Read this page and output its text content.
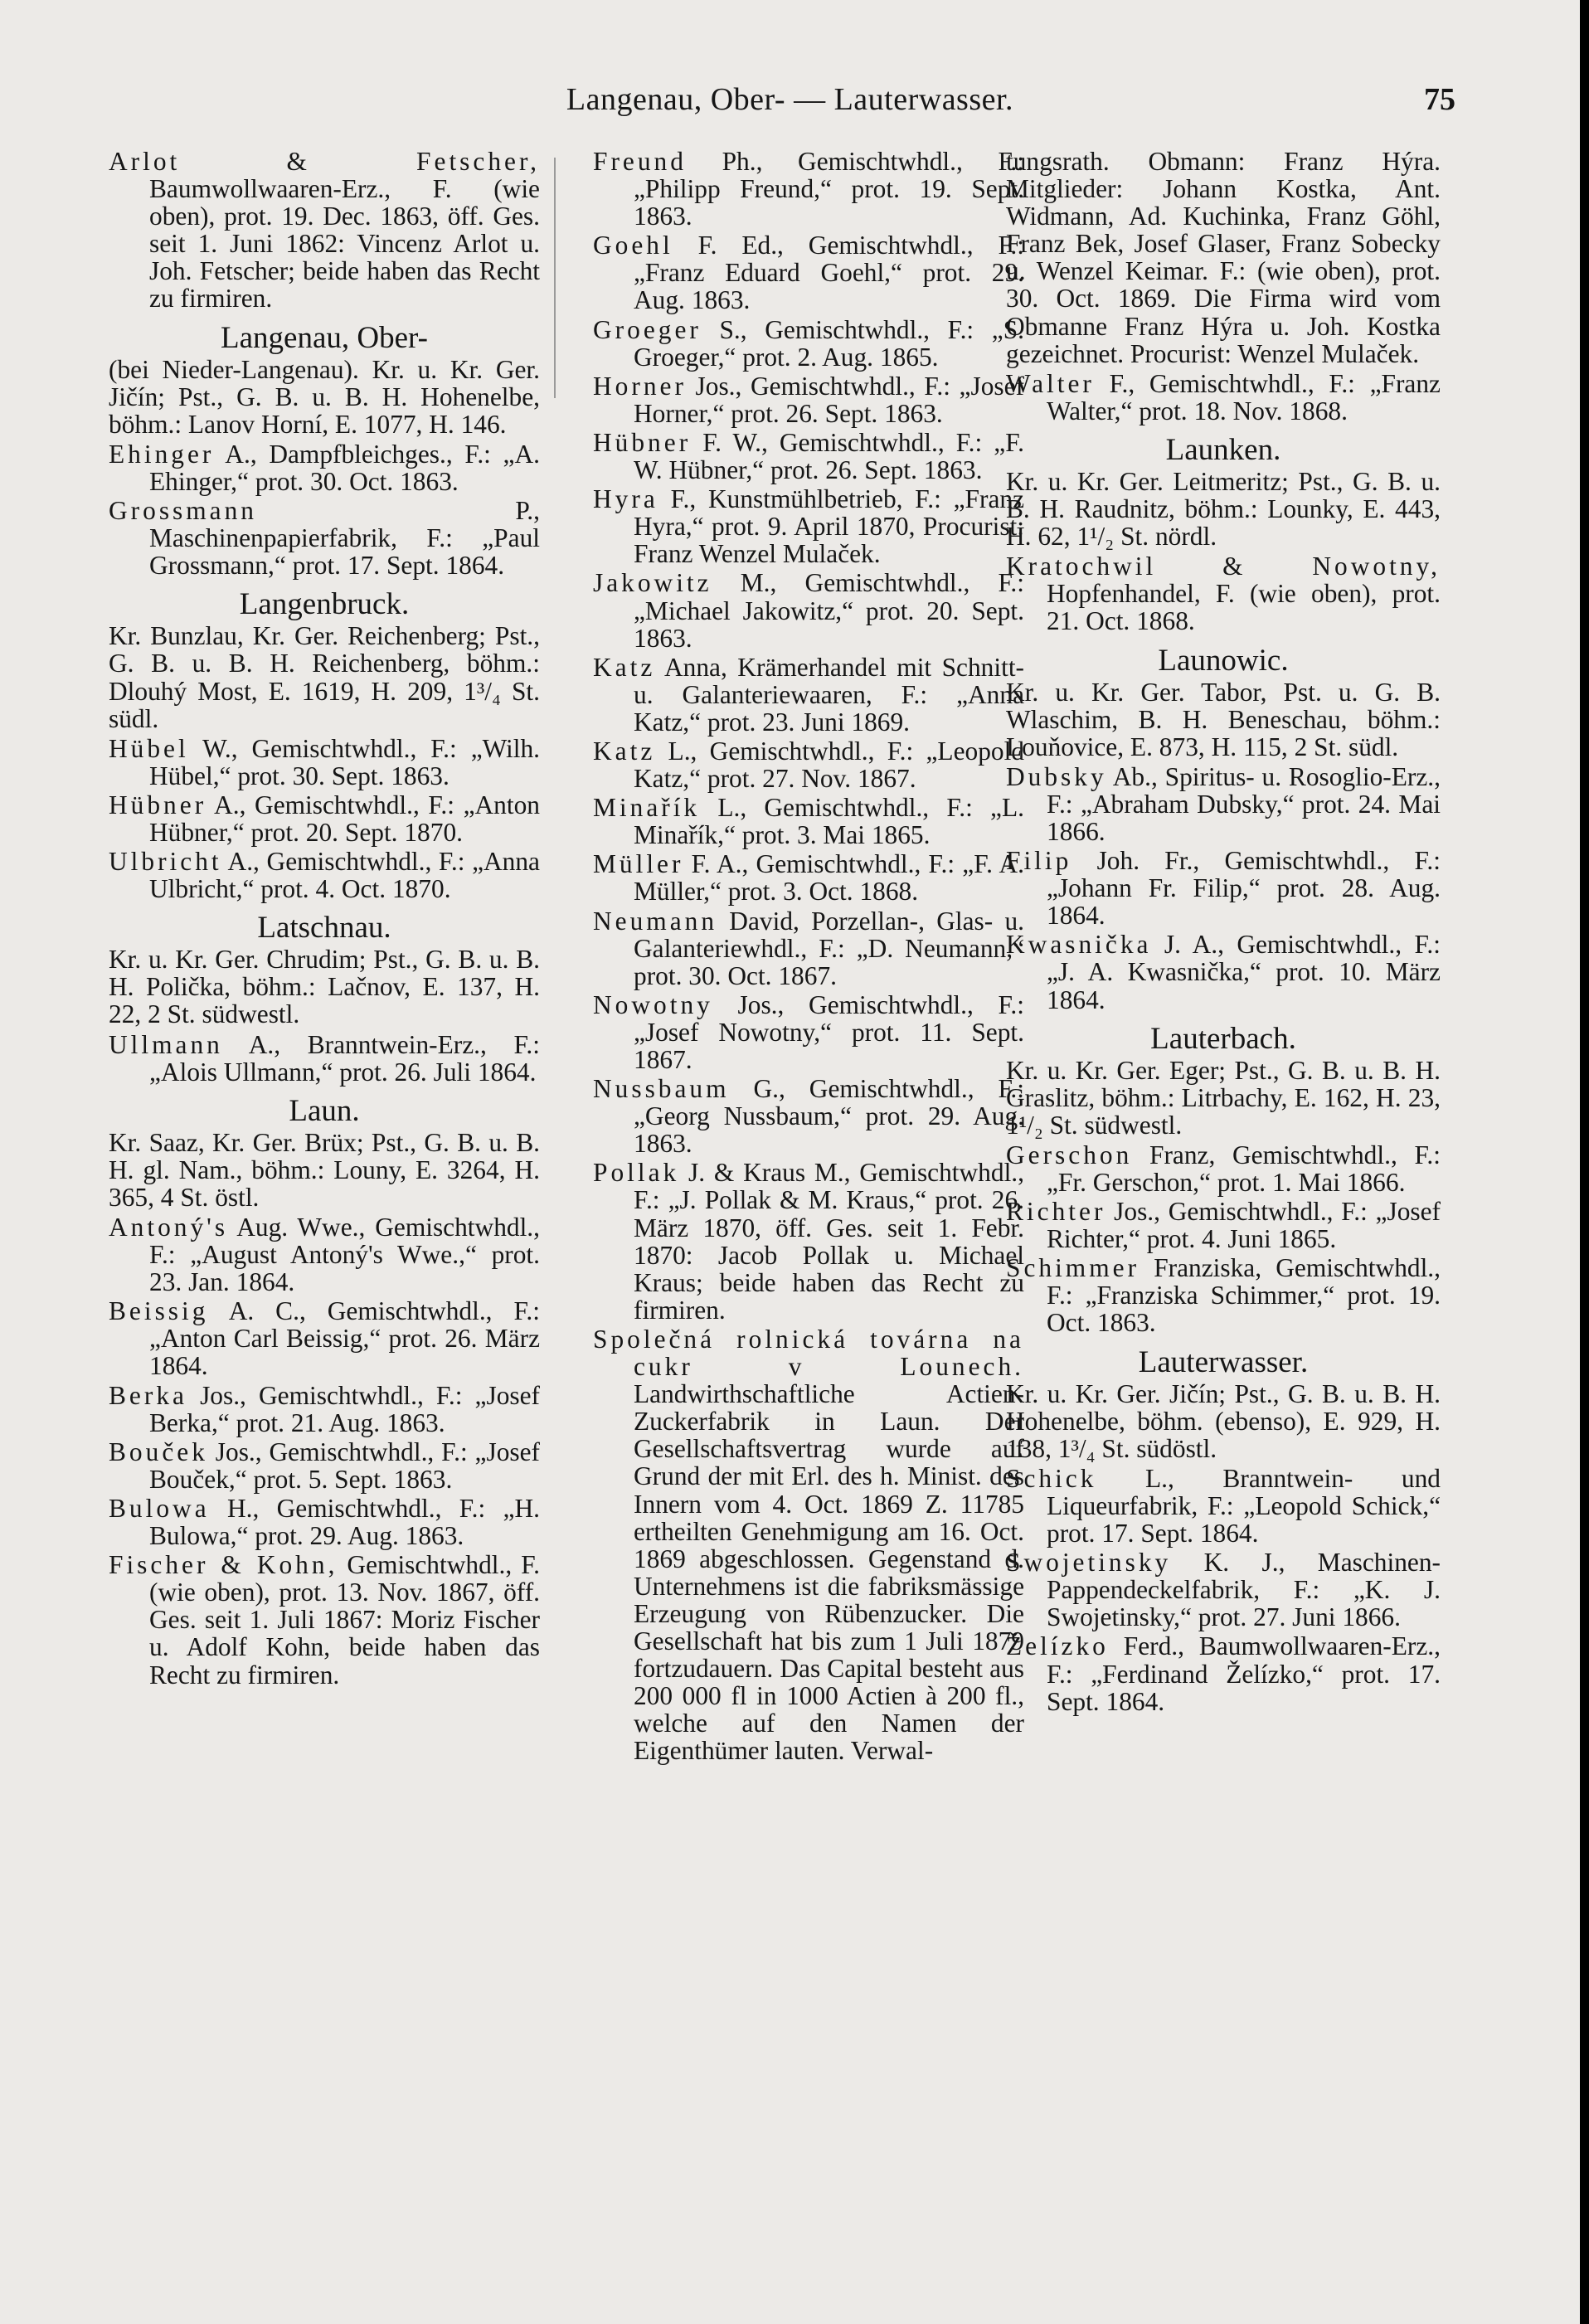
Langenau, Ober- — Lauterwasser.	75
Arlot & Fetscher, Baumwollwaaren-Erz., F. (wie oben), prot. 19. Dec. 1863, öff. Ges. seit 1. Juni 1862: Vincenz Arlot u. Joh. Fetscher; beide haben das Recht zu firmiren.
Langenau, Ober-
(bei Nieder-Langenau). Kr. u. Kr. Ger. Jičín; Pst., G. B. u. B. H. Hohenelbe, böhm.: Lanov Horní, E. 1077, H. 146.
Ehinger A., Dampfbleichges., F.: „A. Ehinger,“ prot. 30. Oct. 1863.
Grossmann	P., Maschinenpapierfabrik, F.: „Paul Grossmann,“ prot. 17. Sept. 1864.
Langenbruck.
Kr. Bunzlau, Kr. Ger. Reichenberg; Pst., G. B. u. B. H. Reichenberg, böhm.: Dlouhý Most, E. 1619, H. 209, 1³/₄ St. südl.
Hübel W., Gemischtwhdl., F.: „Wilh. Hübel,“ prot. 30. Sept. 1863.
Hübner A., Gemischtwhdl., F.: „Anton Hübner,“ prot. 20. Sept. 1870.
Ulbricht A., Gemischtwhdl., F.: „Anna Ulbricht,“ prot. 4. Oct. 1870.
Latschnau.
Kr. u. Kr. Ger. Chrudim; Pst., G. B. u. B. H. Polička, böhm.: Lačnov, E. 137, H. 22, 2 St. südwestl.
Ullmann A., Branntwein-Erz., F.: „Alois Ullmann,“ prot. 26. Juli 1864.
Laun.
Kr. Saaz, Kr. Ger. Brüx; Pst., G. B. u. B. H. gl. Nam., böhm.: Louny, E. 3264, H. 365, 4 St. östl.
Antoný's Aug. Wwe., Gemischtwhdl., F.: „August Antoný's Wwe.,“ prot. 23. Jan. 1864.
Beissig A. C., Gemischtwhdl., F.: „Anton Carl Beissig,“ prot. 26. März 1864.
Berka Jos., Gemischtwhdl., F.: „Josef Berka,“ prot. 21. Aug. 1863.
Bouček Jos., Gemischtwhdl., F.: „Josef Bouček,“ prot. 5. Sept. 1863.
Bulowa H., Gemischtwhdl., F.: „H. Bulowa,“ prot. 29. Aug. 1863.
Fischer & Kohn, Gemischtwhdl., F. (wie oben), prot. 13. Nov. 1867, öff. Ges. seit 1. Juli 1867: Moriz Fischer u. Adolf Kohn, beide haben das Recht zu firmiren.
Freund Ph., Gemischtwhdl., F.: „Philipp Freund,“ prot. 19. Sept. 1863.
Goehl F. Ed., Gemischtwhdl., F.: „Franz Eduard Goehl,“ prot. 29. Aug. 1863.
Groeger S., Gemischtwhdl., F.: „S. Groeger,“ prot. 2. Aug. 1865.
Horner Jos., Gemischtwhdl., F.: „Josef Horner,“ prot. 26. Sept. 1863.
Hübner F. W., Gemischtwhdl., F.: „F. W. Hübner,“ prot. 26. Sept. 1863.
Hyra F., Kunstmühlbetrieb, F.: „Franz Hyra,“ prot. 9. April 1870, Procurist: Franz Wenzel Mulaček.
Jakowitz M., Gemischtwhdl., F.: „Michael Jakowitz,“ prot. 20. Sept. 1863.
Katz Anna, Krämerhandel mit Schnitt- u. Galanteriewaaren, F.: „Anna Katz,“ prot. 23. Juni 1869.
Katz L., Gemischtwhdl., F.: „Leopold Katz,“ prot. 27. Nov. 1867.
Minařík L., Gemischtwhdl., F.: „L. Minařík,“ prot. 3. Mai 1865.
Müller F. A., Gemischtwhdl., F.: „F. A. Müller,“ prot. 3. Oct. 1868.
Neumann David, Porzellan-, Glas- u. Galanteriewhdl., F.: „D. Neumann,“ prot. 30. Oct. 1867.
Nowotny Jos., Gemischtwhdl., F.: „Josef Nowotny,“ prot. 11. Sept. 1867.
Nussbaum G., Gemischtwhdl., F.: „Georg Nussbaum,“ prot. 29. Aug. 1863.
Pollak J. & Kraus M., Gemischtwhdl., F.: „J. Pollak & M. Kraus,“ prot. 26. März 1870, öff. Ges. seit 1. Febr. 1870: Jacob Pollak u. Michael Kraus; beide haben das Recht zu firmiren.
Společná rolnická továrna na cukr v Lounech. Landwirthschaftliche Actien-Zuckerfabrik in Laun. Der Gesellschaftsvertrag wurde auf Grund der mit Erl. des h. Minist. des Innern vom 4. Oct. 1869 Z. 11785 ertheilten Genehmigung am 16. Oct. 1869 abgeschlossen. Gegenstand d. Unternehmens ist die fabriksmässige Erzeugung von Rübenzucker. Die Gesellschaft hat bis zum 1 Juli 1879 fortzudauern. Das Capital besteht aus 200 000 fl in 1000 Actien à 200 fl., welche auf den Namen der Eigenthümer lauten. Verwal-
tungsrath. Obmann: Franz Hýra. Mitglieder: Johann Kostka, Ant. Widmann, Ad. Kuchinka, Franz Göhl, Franz Bek, Josef Glaser, Franz Sobecky u. Wenzel Keimar. F.: (wie oben), prot. 30. Oct. 1869. Die Firma wird vom Obmanne Franz Hýra u. Joh. Kostka gezeichnet. Procurist: Wenzel Mulaček.
Walter F., Gemischtwhdl., F.: „Franz Walter,“ prot. 18. Nov. 1868.
Launken.
Kr. u. Kr. Ger. Leitmeritz; Pst., G. B. u. B. H. Raudnitz, böhm.: Lounky, E. 443, H. 62, 1¹/₂ St. nördl.
Kratochwil & Nowotny, Hopfenhandel, F. (wie oben), prot. 21. Oct. 1868.
Launowic.
Kr. u. Kr. Ger. Tabor, Pst. u. G. B. Wlaschim, B. H. Beneschau, böhm.: Louňovice, E. 873, H. 115, 2 St. südl.
Dubsky Ab., Spiritus- u. Rosoglio-Erz., F.: „Abraham Dubsky,“ prot. 24. Mai 1866.
Filip Joh. Fr., Gemischtwhdl., F.: „Johann Fr. Filip,“ prot. 28. Aug. 1864.
Kwasnička J. A., Gemischtwhdl., F.: „J. A. Kwasnička,“ prot. 10. März 1864.
Lauterbach.
Kr. u. Kr. Ger. Eger; Pst., G. B. u. B. H. Graslitz, böhm.: Litrbachy, E. 162, H. 23, 1¹/₂ St. südwestl.
Gerschon Franz, Gemischtwhdl., F.: „Fr. Gerschon,“ prot. 1. Mai 1866.
Richter Jos., Gemischtwhdl., F.: „Josef Richter,“ prot. 4. Juni 1865.
Schimmer Franziska, Gemischtwhdl., F.: „Franziska Schimmer,“ prot. 19. Oct. 1863.
Lauterwasser.
Kr. u. Kr. Ger. Jičín; Pst., G. B. u. B. H. Hohenelbe, böhm. (ebenso), E. 929, H. 138, 1³/₄ St. südöstl.
Schick L., Branntwein- und Liqueurfabrik, F.: „Leopold Schick,“ prot. 17. Sept. 1864.
Swojetinsky K. J., Maschinen-Pappendeckelfabrik, F.: „K. J. Swojetinsky,“ prot. 27. Juni 1866.
Želízko Ferd., Baumwollwaaren-Erz., F.: „Ferdinand Želízko,“ prot. 17. Sept. 1864.
